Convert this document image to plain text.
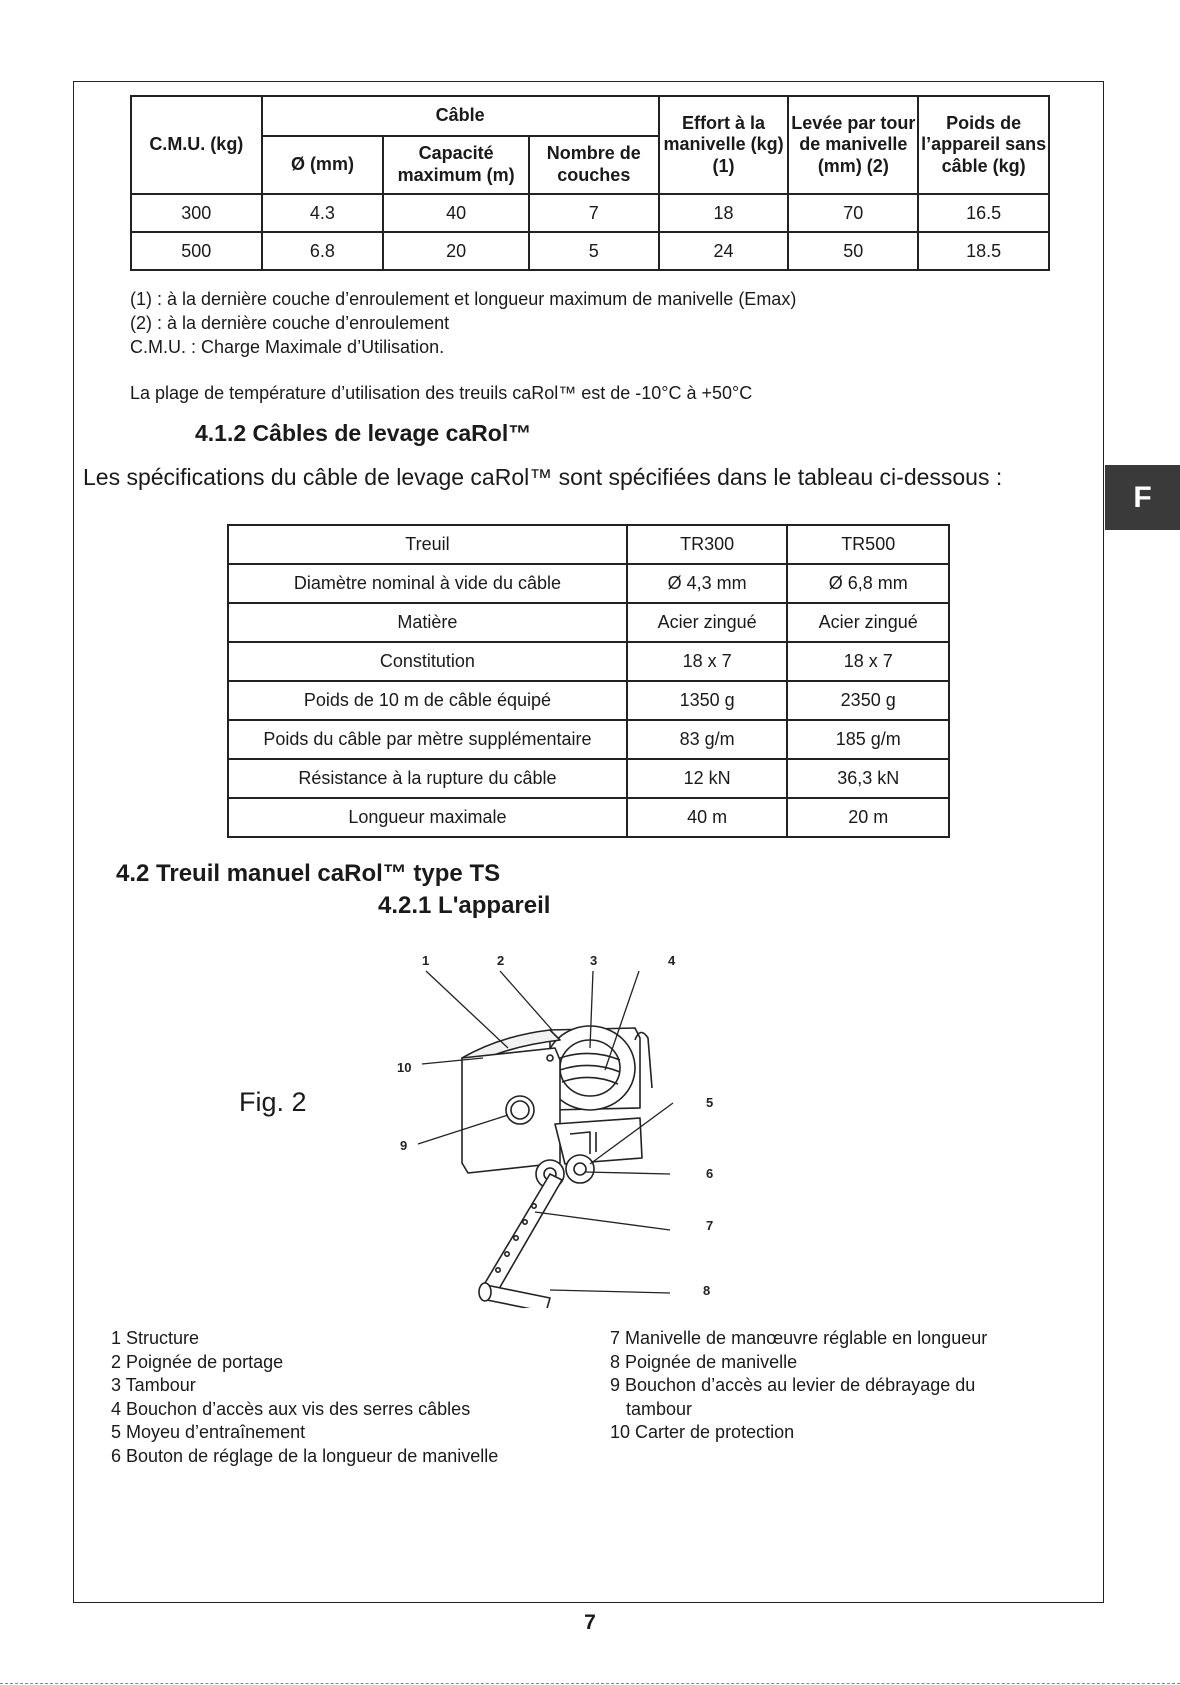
C.M.U. (kg)	Câble			Effort à la manivelle (kg) (1)	Levée par tour de manivelle (mm) (2)	Poids de l’appareil sans câble (kg)
	Ø (mm)	Capacité maximum (m)	Nombre de couches			
300	4.3	40	7	18	70	16.5
500	6.8	20	5	24	50	18.5
(1) : à la dernière couche d’enroulement et longueur maximum de manivelle (Emax)
(2) : à la dernière couche d’enroulement
C.M.U. : Charge Maximale d’Utilisation.
La plage de température d’utilisation des treuils caRol™ est de -10°C à +50°C
4.1.2 Câbles de levage caRol™
Les spécifications du câble de levage caRol™ sont spécifiées dans le tableau ci-dessous :
F
Treuil	TR300	TR500
Diamètre nominal à vide du câble	Ø 4,3 mm	Ø 6,8 mm
Matière	Acier zingué	Acier zingué
Constitution	18 x 7	18 x 7
Poids de 10 m de câble équipé	1350 g	2350 g
Poids du câble par mètre supplémentaire	83 g/m	185 g/m
Résistance à la rupture du câble	12 kN	36,3 kN
Longueur maximale	40 m	20 m
4.2 Treuil manuel caRol™ type TS
4.2.1 L'appareil
Fig. 2
1	2	3	4
5
6
7
8
9
10
1 Structure
2 Poignée de portage
3 Tambour
4 Bouchon d’accès aux vis des serres câbles
5 Moyeu d’entraînement
6 Bouton de réglage de la longueur de manivelle
7 Manivelle de manœuvre réglable en longueur
8 Poignée de manivelle
9 Bouchon d’accès au levier de débrayage du
tambour
10 Carter de protection
7
